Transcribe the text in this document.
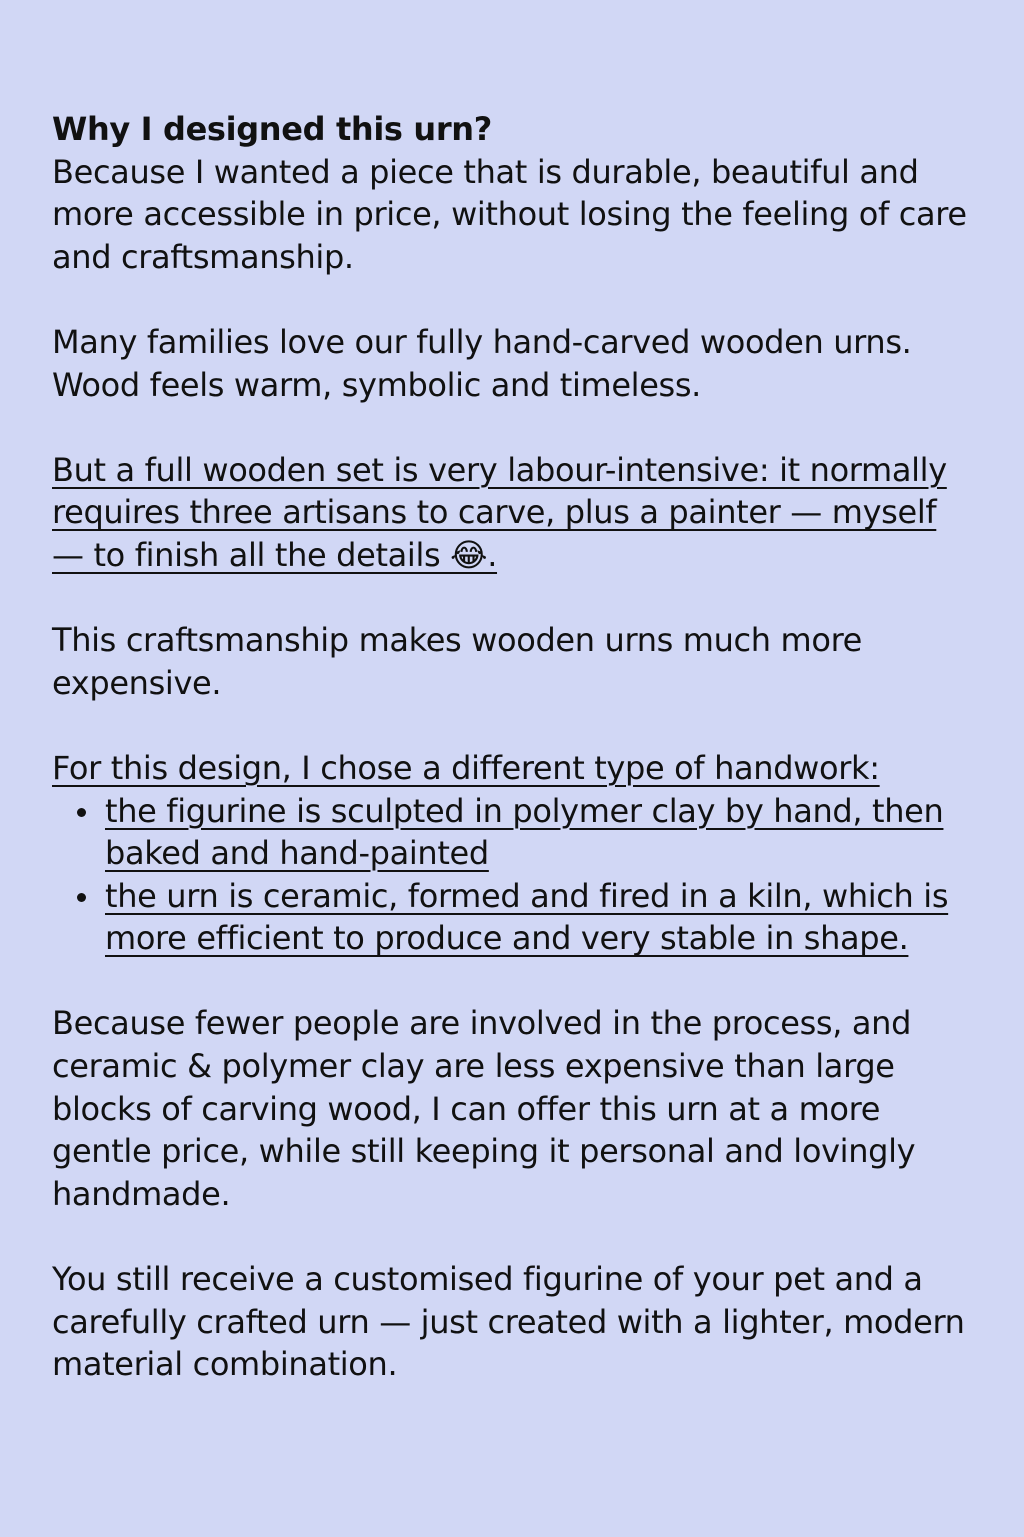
Why I designed this urn?
Because I wanted a piece that is durable, beautiful and more accessible in price, without losing the feeling of care and craftsmanship.
Many families love our fully hand-carved wooden urns. Wood feels warm, symbolic and timeless.
But a full wooden set is very labour-intensive: it normally requires three artisans to carve, plus a painter — myself — to finish all the details 😂.
This craftsmanship makes wooden urns much more expensive.
For this design, I chose a different type of handwork:
the figurine is sculpted in polymer clay by hand, then baked and hand-painted
the urn is ceramic, formed and fired in a kiln, which is more efficient to produce and very stable in shape.
Because fewer people are involved in the process, and ceramic & polymer clay are less expensive than large blocks of carving wood, I can offer this urn at a more gentle price, while still keeping it personal and lovingly handmade.
You still receive a customised figurine of your pet and a carefully crafted urn — just created with a lighter, modern material combination.
